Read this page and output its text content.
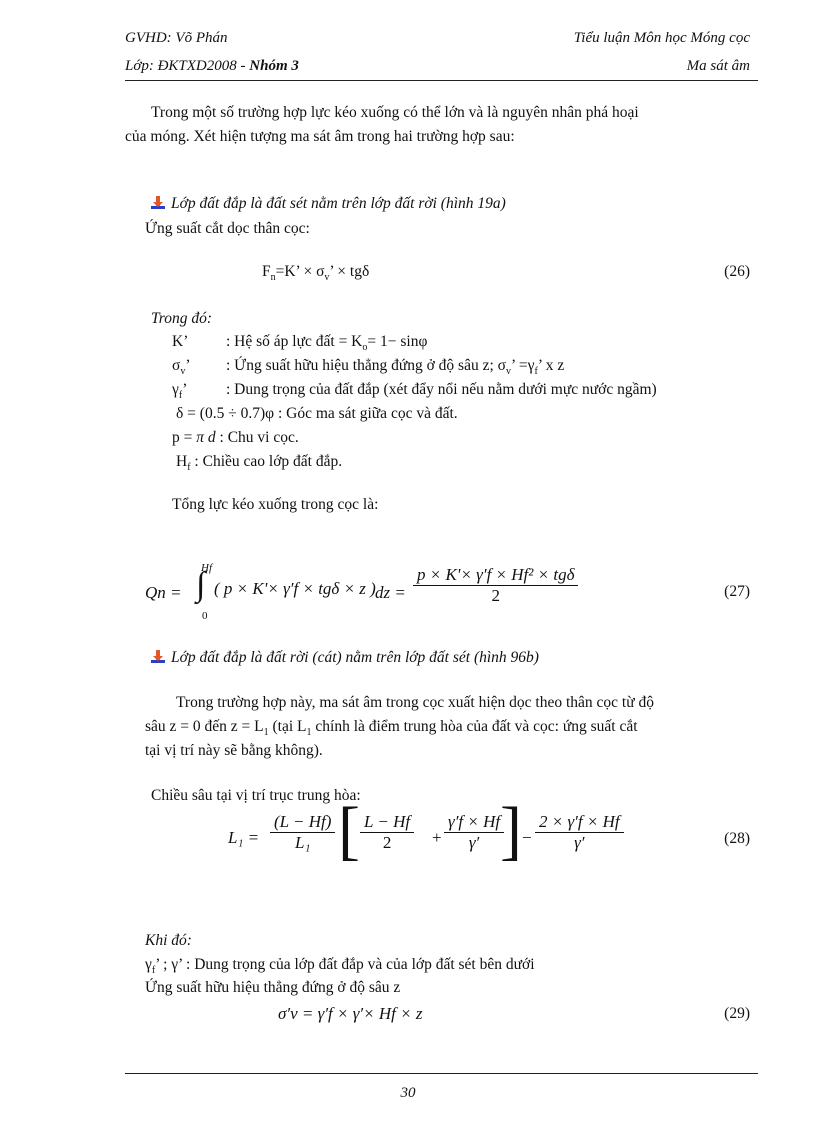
GVHD: Võ Phán	Tiểu luận Môn học Móng cọc
Lớp: ĐKTXD2008 - Nhóm 3	Ma sát âm
Trong một số trường hợp lực kéo xuống có thể lớn và là nguyên nhân phá hoại
của móng. Xét hiện tượng ma sát âm trong hai trường hợp sau:
Lớp đất đắp là đất sét nằm trên lớp đất rời (hình 19a)
Ứng suất cắt dọc thân cọc:
$F_n=K$’ × $\sigma_v$’ × tgδ	(26)
Trong đó:
K’ : Hệ số áp lực đất = $K_o= 1- \sin\varphi$
$\sigma_v$’ : Ứng suất hữu hiệu thẳng đứng ở độ sâu z; $\sigma_v$’ $=\gamma_f$’ x z
$\gamma_f$’ : Dung trọng của đất đắp (xét đẩy nổi nếu nằm dưới mực nước ngầm)
δ = (0.5 ÷ 0.7)φ : Góc ma sát giữa cọc và đất.
p = π d : Chu vi cọc.
$H_f$ : Chiều cao lớp đất đắp.
Tổng lực kéo xuống trong cọc là:
Qn =
Hf
∫
0
( p × K'× γ′f × tgδ × z ) dz = $\frac{\text{p × K'× γ′f × Hf² × tgδ}}{2}$	(27)
Lớp đất đắp là đất rời (cát) nằm trên lớp đất sét (hình 96b)
Trong trường hợp này, ma sát âm trong cọc xuất hiện dọc theo thân cọc từ độ
sâu z = 0 đến $z = L_1$ (tại $L_1$ chính là điểm trung hòa của đất và cọc: ứng suất cắt
tại vị trí này sẽ bằng không).
Chiều sâu tại vị trí trục trung hòa:
$L_1 = \frac{(L - Hf)}{\text{L₁}}$ [ $\frac{L - Hf}{2} + \frac{\gamma'f \times Hf}{\gamma'}$
] − $\frac{2 \times \gamma'f \times Hf}{\gamma'}$	(28)
Khi đó:
$\gamma_f$’ ; γ’ : Dung trọng của lớp đất đắp và của lớp đất sét bên dưới
Ứng suất hữu hiệu thẳng đứng ở độ sâu z
σ′v = γ′f × γ′× Hf × z	(29)
30
